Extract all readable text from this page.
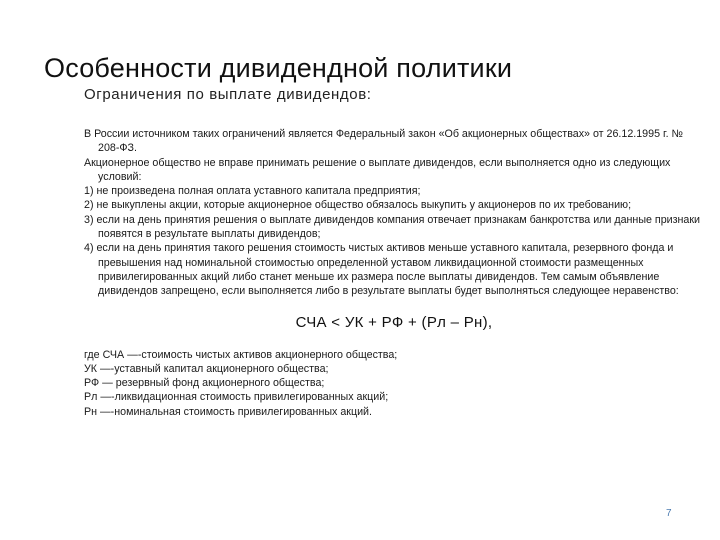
Особенности дивидендной политики
Ограничения по выплате дивидендов:

В России источником таких ограничений является Федеральный закон «Об акционерных обществах» от 26.12.1995 г. № 208-ФЗ.

Акционерное общество не вправе принимать решение о выплате дивидендов, если выполняется одно из следующих условий:

1) не произведена полная оплата уставного капитала предприятия;

2) не выкуплены акции, которые акционерное общество обязалось выкупить у акционеров по их требованию;

3) если на день принятия решения о выплате дивидендов компания отвечает признакам банкротства или данные признаки появятся в результате выплаты дивидендов;

4) если на день принятия такого решения стоимость чистых активов меньше уставного капитала, резервного фонда и превышения над номинальной стоимостью определенной уставом ликвидационной стоимости размещенных привилегированных акций либо станет меньше их размера после выплаты дивидендов. Тем самым объявление дивидендов запрещено, если выполняется либо в результате выплаты будет выполняться следующее неравенство:

СЧА < УК + РФ + (Рл – Рн),

где СЧА —-стоимость чистых активов акционерного общества;

УК —-уставный капитал акционерного общества;

РФ — резервный фонд акционерного общества;

Рл —-ликвидационная стоимость привилегированных акций;

Рн —-номинальная стоимость привилегированных акций.

7
